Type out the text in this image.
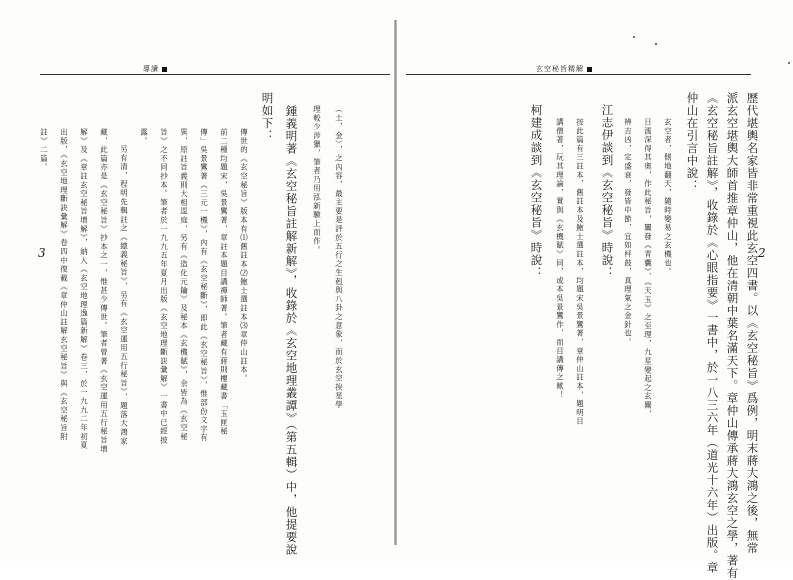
導讀
（土，金），之內容，最主要是評於五行之生剋與八卦之意象，而於玄空挨星學
理較少涉獵，筆者乃用泓新驗上而作。
鍾義明著《玄空秘旨註解新解》，收錄於《玄空地理叢譚》（第五輯）中，他提要說
明如下：
傳世的《玄空秘旨》版本有⑴舊註本⑵鮑士選註本⑶章仲山註本。
前二種均題宋，吳景鸞著，章註本題目講禪師著。筆者藏有蔣則樓藏書「玉匣秘
傳」吳景鸞著《三元一機》，內有《玄空秘斷》，即此《玄空秘旨》，惟部份文字有
異，原註旨義則大相逕庭，另有《造化元鑰》及秘本《玄機賦》，余皆為《玄空秘
旨》之不同抄本。筆者於一九九五年夏月出版《玄空地理斷訣彙解》一書中已經披
露。
另有清，程明先輯註之《總義秘旨》，另有《玄空運用五行秘旨》，題落大鴻家
藏，此篇亦是《玄空秘旨》抄本之一，惟甚少傳世。筆者曾著《玄空運用五行秘旨增
解》及《章註玄空秘旨增解》，納入《玄空地理逸篇新解》卷三，於一九九二年初夏
出版，《玄空地理斷訣彙解》卷四中復載《章仲山註解玄空秘旨》與《玄空秘旨附
註》二篇。
3
玄空秘旨精解
2
歷代堪輿名家皆非常重視此玄空四書。以《玄空秘旨》爲例，明末蔣大鴻之後，無常
派玄空堪輿大師首推章仲山，他在清朝中葉名滿天下。章仲山傳承蔣大鴻玄空之學，著有
《玄空秘旨註解》，收錄於《心眼指要》一書中，於一八三六年（道光十六年）出版。章
仲山在引言中說：
玄空者，側地翻天，隨時變易之玄機也。
日濡深得其奧，作此秘旨，闡發《青囊》、《天玉》之至理，九星變起之玄關，
辨吉凶，定盛衰，發皆中節，宜如枰鼓，真理氣之金針也。
江志伊談到《玄空秘旨》時說：
按此篇有三註本，舊註本及鮑士選註本，均題宋吳景鸞著，章仲山註本，題明目
講僧著，玩其理論，實與《玄機賦》同，或本吳景鸞作，而目講傳之歟！
柯建成談到《玄空秘旨》時說：
